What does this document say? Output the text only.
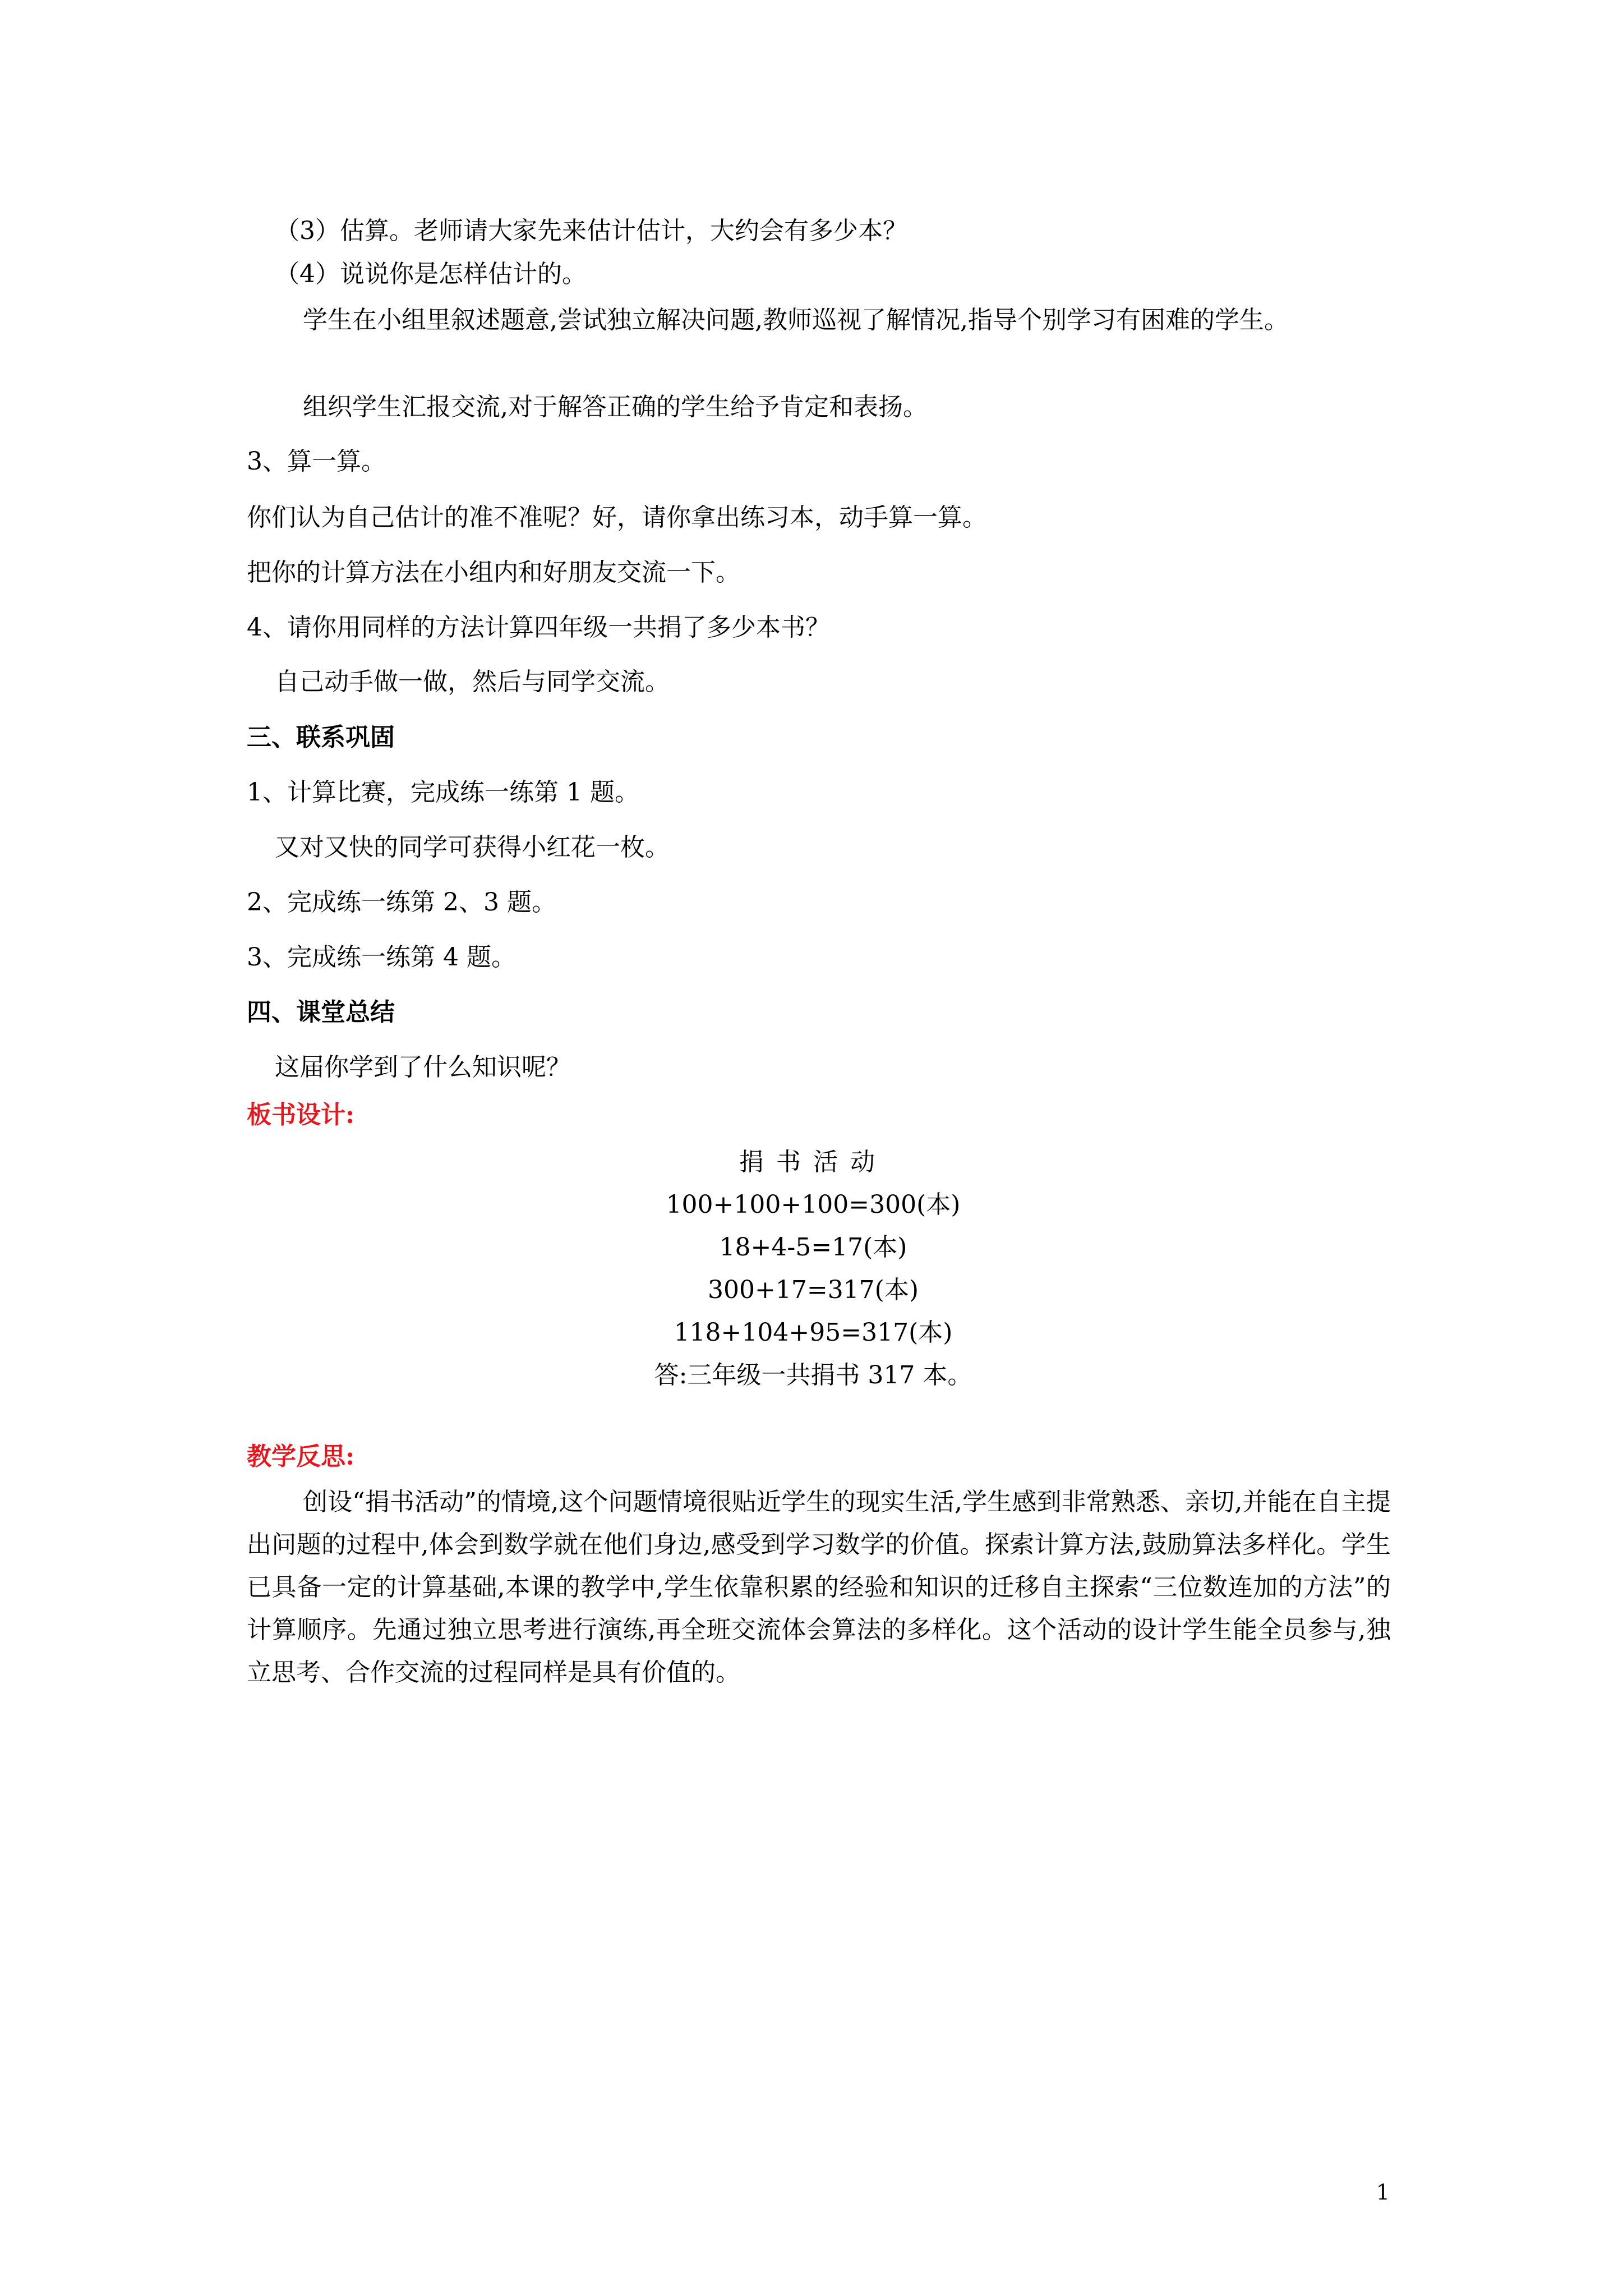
（3）估算。老师请大家先来估计估计，大约会有多少本？
（4）说说你是怎样估计的。
学生在小组里叙述题意,尝试独立解决问题,教师巡视了解情况,指导个别学习有困难的学生。
组织学生汇报交流,对于解答正确的学生给予肯定和表扬。
3、算一算。
你们认为自己估计的准不准呢？好，请你拿出练习本，动手算一算。
把你的计算方法在小组内和好朋友交流一下。
4、请你用同样的方法计算四年级一共捐了多少本书？
自己动手做一做，然后与同学交流。
三、联系巩固
1、计算比赛，完成练一练第 1 题。
又对又快的同学可获得小红花一枚。
2、完成练一练第 2、3 题。
3、完成练一练第 4 题。
四、课堂总结
这届你学到了什么知识呢？
板书设计:
捐书活动
100+100+100=300(本)
18+4-5=17(本)
300+17=317(本)
118+104+95=317(本)
答:三年级一共捐书 317 本。
教学反思:
创设“捐书活动”的情境,这个问题情境很贴近学生的现实生活,学生感到非常熟悉、亲切,并能在自主提出问题的过程中,体会到数学就在他们身边,感受到学习数学的价值。探索计算方法,鼓励算法多样化。学生已具备一定的计算基础,本课的教学中,学生依靠积累的经验和知识的迁移自主探索“三位数连加的方法”的计算顺序。先通过独立思考进行演练,再全班交流体会算法的多样化。这个活动的设计学生能全员参与,独立思考、合作交流的过程同样是具有价值的。
1
